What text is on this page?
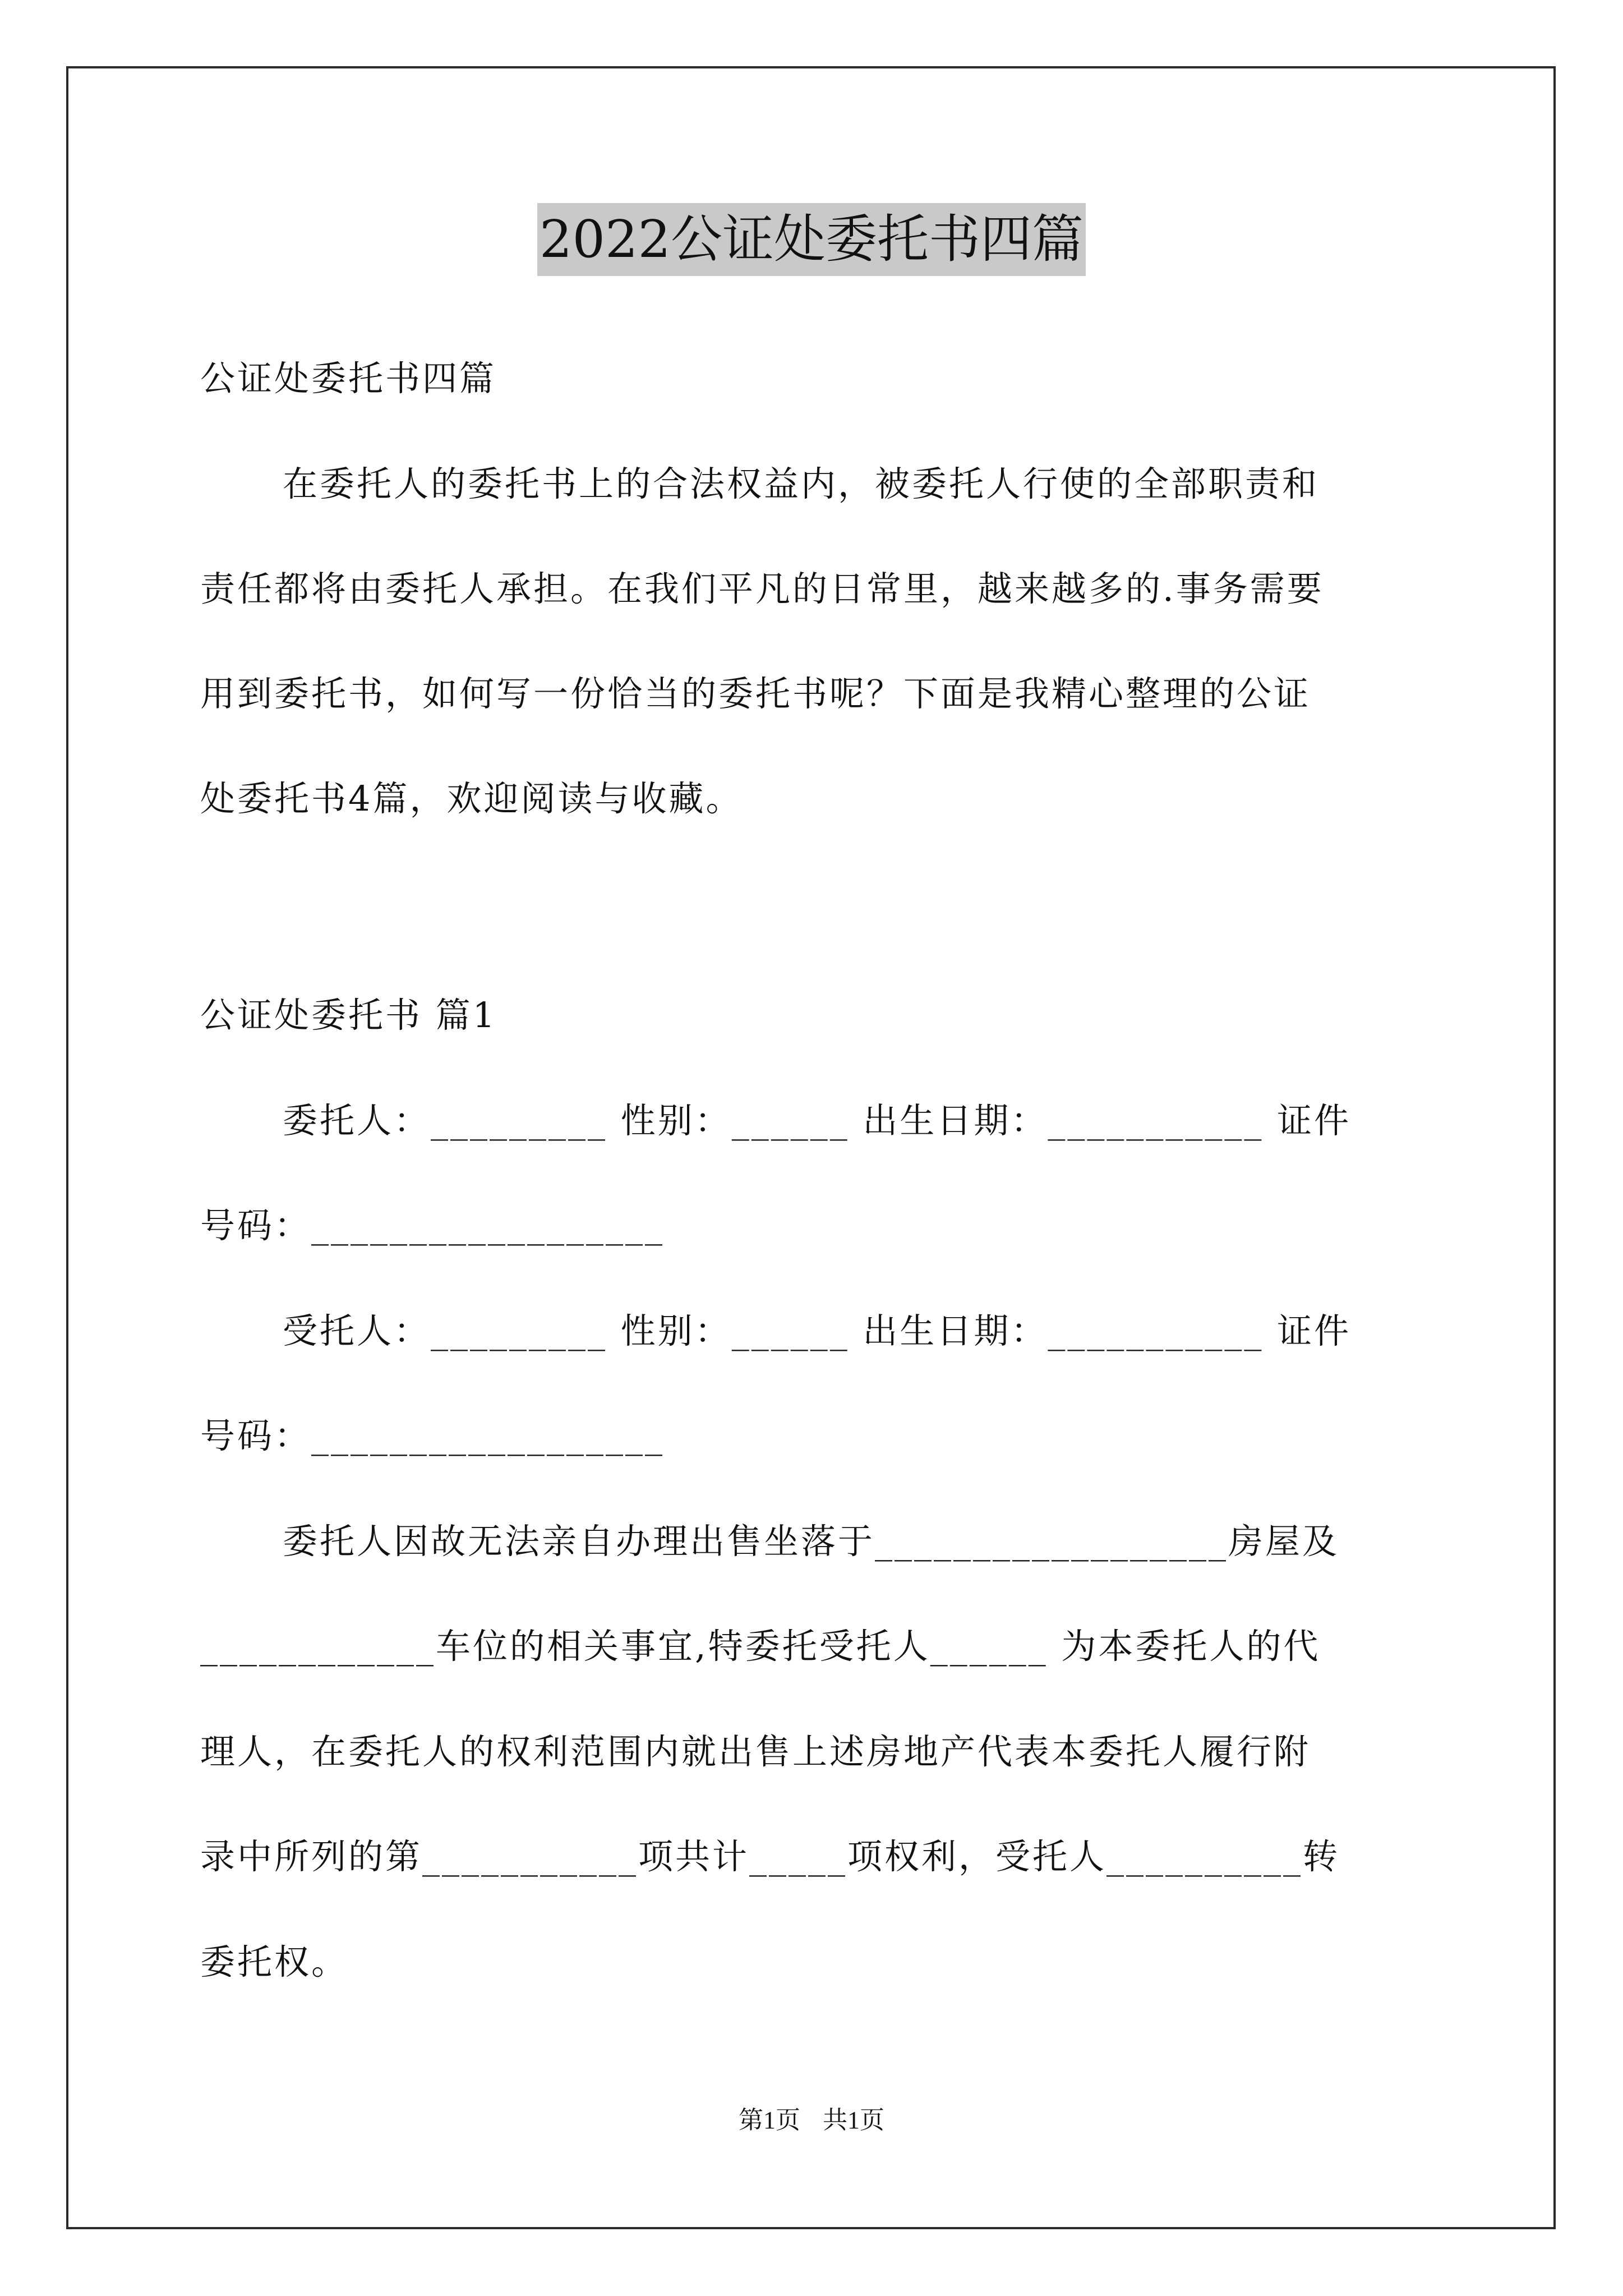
2022公证处委托书四篇
公证处委托书四篇
在委托人的委托书上的合法权益内，被委托人行使的全部职责和
责任都将由委托人承担。在我们平凡的日常里，越来越多的.事务需要
用到委托书，如何写一份恰当的委托书呢？下面是我精心整理的公证
处委托书4篇，欢迎阅读与收藏。
公证处委托书 篇1
委托人：_________ 性别：______ 出生日期：___________ 证件
号码：__________________
受托人：_________ 性别：______ 出生日期：___________ 证件
号码：__________________
委托人因故无法亲自办理出售坐落于__________________房屋及
____________车位的相关事宜,特委托受托人______ 为本委托人的代
理人，在委托人的权利范围内就出售上述房地产代表本委托人履行附
录中所列的第___________项共计_____项权利，受托人__________转
委托权。
第1页 共1页
